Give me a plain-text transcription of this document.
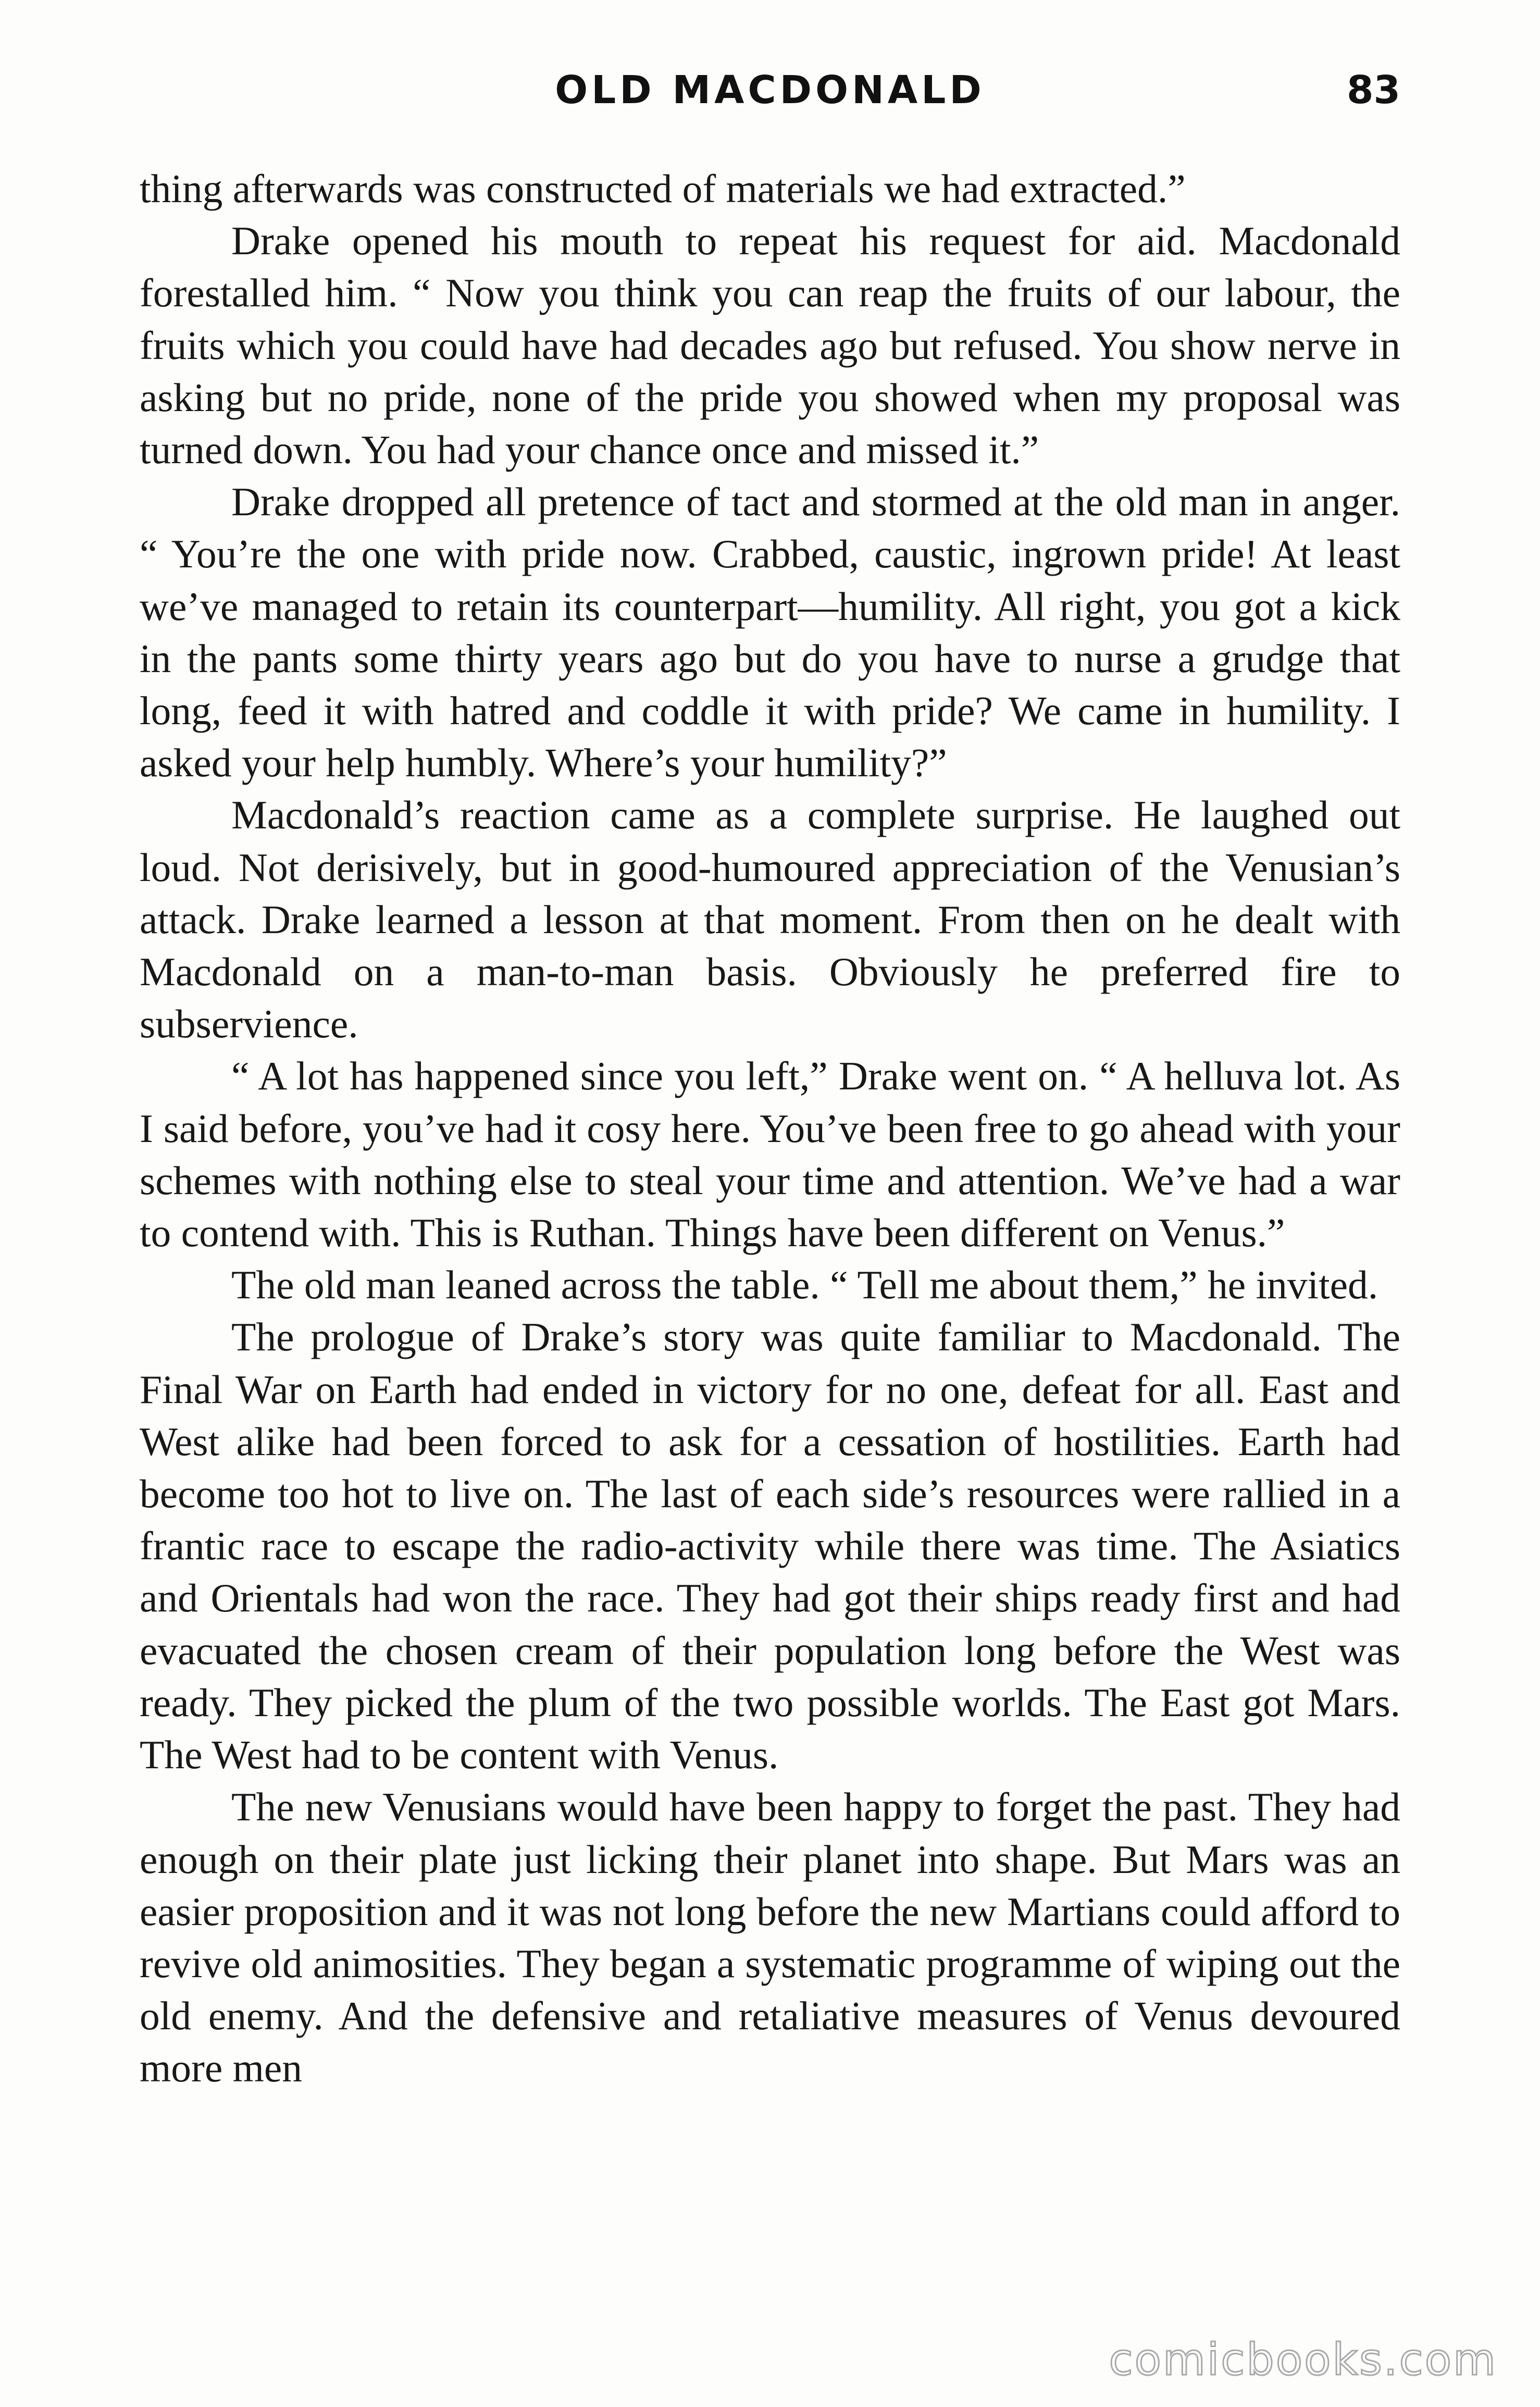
OLD MACDONALD	83

thing afterwards was constructed of materials we had extracted.”

Drake opened his mouth to repeat his request for aid. Macdonald forestalled him. “ Now you think you can reap the fruits of our labour, the fruits which you could have had decades ago but refused. You show nerve in asking but no pride, none of the pride you showed when my proposal was turned down. You had your chance once and missed it.”

Drake dropped all pretence of tact and stormed at the old man in anger. “ You’re the one with pride now. Crabbed, caustic, ingrown pride! At least we’ve managed to retain its counterpart—humility. All right, you got a kick in the pants some thirty years ago but do you have to nurse a grudge that long, feed it with hatred and coddle it with pride? We came in humility. I asked your help humbly. Where’s your humility?”

Macdonald’s reaction came as a complete surprise. He laughed out loud. Not derisively, but in good-humoured appreciation of the Venusian’s attack. Drake learned a lesson at that moment. From then on he dealt with Macdonald on a man-to-man basis. Obviously he preferred fire to subservience.

“ A lot has happened since you left,” Drake went on. “ A helluva lot. As I said before, you’ve had it cosy here. You’ve been free to go ahead with your schemes with nothing else to steal your time and attention. We’ve had a war to contend with. This is Ruthan. Things have been different on Venus.”

The old man leaned across the table. “ Tell me about them,” he invited.

The prologue of Drake’s story was quite familiar to Macdonald. The Final War on Earth had ended in victory for no one, defeat for all. East and West alike had been forced to ask for a cessation of hostilities. Earth had become too hot to live on. The last of each side’s resources were rallied in a frantic race to escape the radio-activity while there was time. The Asiatics and Orientals had won the race. They had got their ships ready first and had evacuated the chosen cream of their population long before the West was ready. They picked the plum of the two possible worlds. The East got Mars. The West had to be content with Venus.

The new Venusians would have been happy to forget the past. They had enough on their plate just licking their planet into shape. But Mars was an easier proposition and it was not long before the new Martians could afford to revive old animosities. They began a systematic programme of wiping out the old enemy. And the defensive and retaliative measures of Venus devoured more men

comicbooks.com
